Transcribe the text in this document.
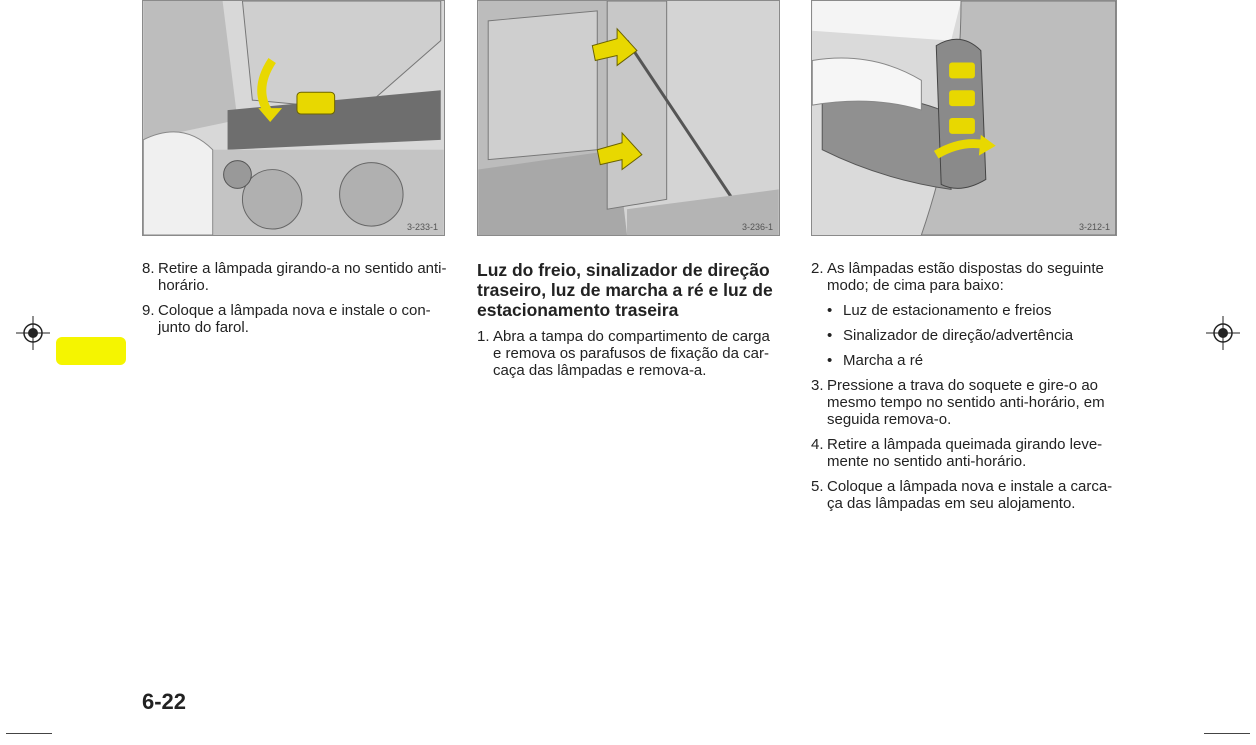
3-233-1	3-236-1	3-212-1
8. Retire a lâmpada girando-a no sentido anti-horário.
9. Coloque a lâmpada nova e instale o con-junto do farol.
Luz do freio, sinalizador de direção traseiro, luz de marcha a ré e luz de estacionamento traseira
1. Abra a tampa do compartimento de carga e remova os parafusos de fixação da car-caça das lâmpadas e remova-a.
2. As lâmpadas estão dispostas do seguinte modo; de cima para baixo:
• Luz de estacionamento e freios
• Sinalizador de direção/advertência
• Marcha a ré
3. Pressione a trava do soquete e gire-o ao mesmo tempo no sentido anti-horário, em seguida remova-o.
4. Retire a lâmpada queimada girando leve-mente no sentido anti-horário.
5. Coloque a lâmpada nova e instale a carca-ça das lâmpadas em seu alojamento.
6-22
